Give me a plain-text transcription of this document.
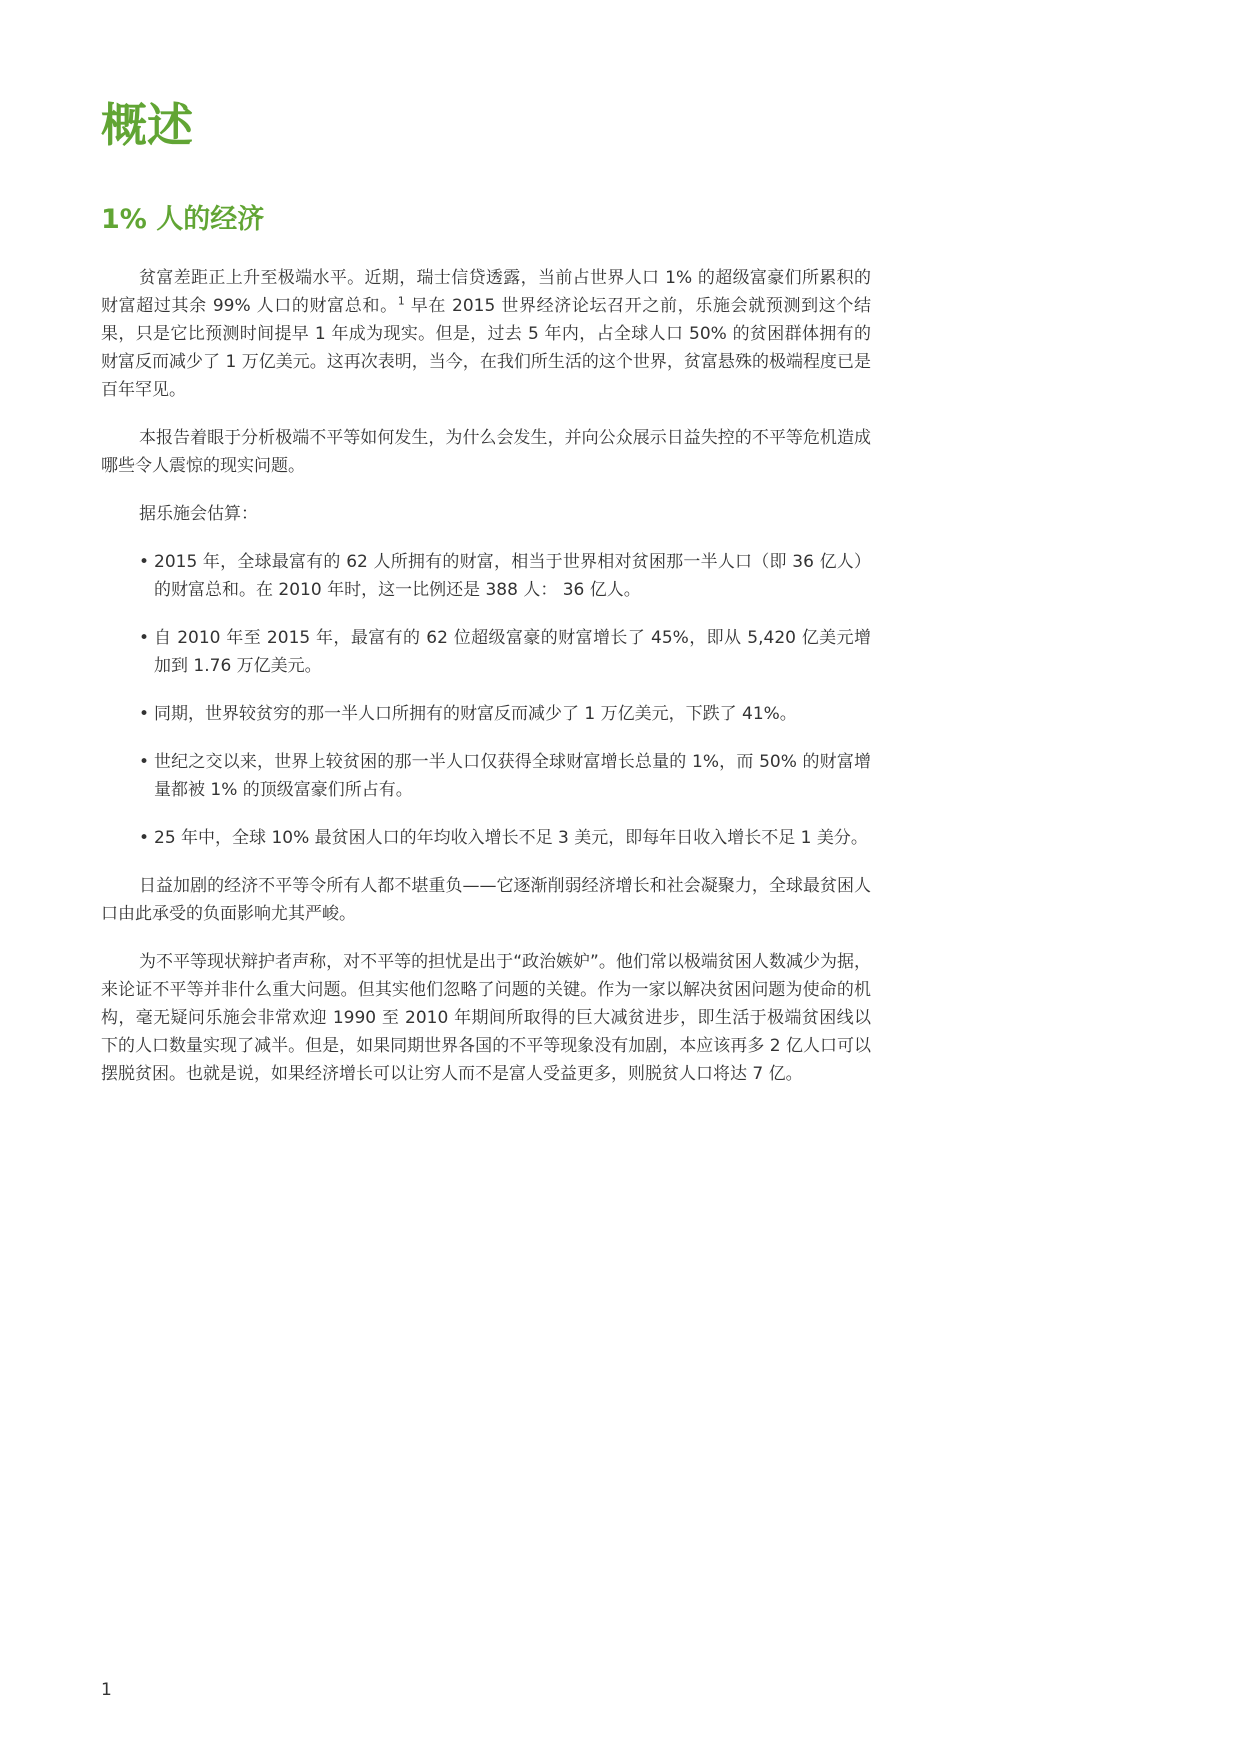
概述
1% 人的经济

贫富差距正上升至极端水平。近期，瑞士信贷透露，当前占世界人口 1% 的超级富豪们所累积的财富超过其余 99% 人口的财富总和。$^1$ 早在 2015 世界经济论坛召开之前，乐施会就预测到这个结果，只是它比预测时间提早 1 年成为现实。但是，过去 5 年内，占全球人口 50% 的贫困群体拥有的财富反而减少了 1 万亿美元。这再次表明，当今，在我们所生活的这个世界，贫富悬殊的极端程度已是百年罕见。

本报告着眼于分析极端不平等如何发生，为什么会发生，并向公众展示日益失控的不平等危机造成哪些令人震惊的现实问题。

据乐施会估算：

• 2015 年，全球最富有的 62 人所拥有的财富，相当于世界相对贫困那一半人口（即 36 亿人）的财富总和。在 2010 年时，这一比例还是 388 人： 36 亿人。
• 自 2010 年至 2015 年，最富有的 62 位超级富豪的财富增长了 45%，即从 5,420 亿美元增加到 1.76 万亿美元。
• 同期，世界较贫穷的那一半人口所拥有的财富反而减少了 1 万亿美元，下跌了 41%。
• 世纪之交以来，世界上较贫困的那一半人口仅获得全球财富增长总量的 1%，而 50% 的财富增量都被 1% 的顶级富豪们所占有。
• 25 年中，全球 10% 最贫困人口的年均收入增长不足 3 美元，即每年日收入增长不足 1 美分。

日益加剧的经济不平等令所有人都不堪重负——它逐渐削弱经济增长和社会凝聚力，全球最贫困人口由此承受的负面影响尤其严峻。

为不平等现状辩护者声称，对不平等的担忧是出于“政治嫉妒”。他们常以极端贫困人数减少为据，来论证不平等并非什么重大问题。但其实他们忽略了问题的关键。作为一家以解决贫困问题为使命的机构，毫无疑问乐施会非常欢迎 1990 至 2010 年期间所取得的巨大减贫进步，即生活于极端贫困线以下的人口数量实现了减半。但是，如果同期世界各国的不平等现象没有加剧，本应该再多 2 亿人口可以摆脱贫困。也就是说，如果经济增长可以让穷人而不是富人受益更多，则脱贫人口将达 7 亿。

1
